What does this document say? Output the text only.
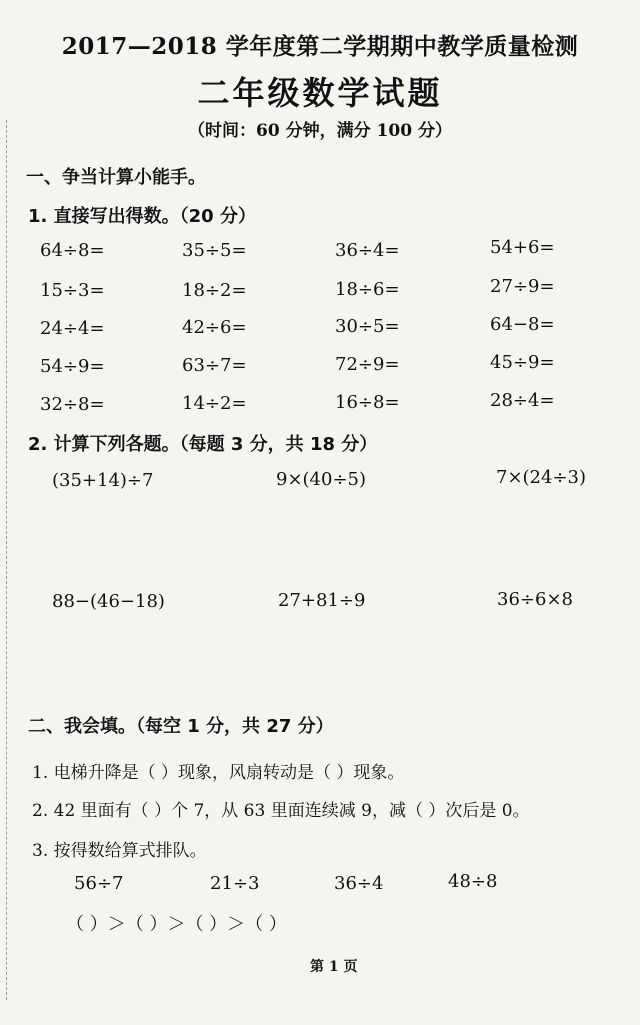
2017—2018 学年度第二学期期中教学质量检测
二年级数学试题
（时间：60 分钟，满分 100 分）
一、争当计算小能手。
1. 直接写出得数。（20 分）
64÷8=	35÷5=	36÷4=	54+6=
15÷3=	18÷2=	18÷6=	27÷9=
24÷4=	42÷6=	30÷5=	64−8=
54÷9=	63÷7=	72÷9=	45÷9=
32÷8=	14÷2=	16÷8=	28÷4=
2. 计算下列各题。（每题 3 分，共 18 分）
(35+14)÷7	9×(40÷5)	7×(24÷3)
88−(46−18)	27+81÷9	36÷6×8
二、我会填。（每空 1 分，共 27 分）
1. 电梯升降是（ ）现象，风扇转动是（ ）现象。
2. 42 里面有（ ）个 7，从 63 里面连续减 9，减（ ）次后是 0。
3. 按得数给算式排队。
56÷7	21÷3	36÷4	48÷8
（ ）＞（ ）＞（ ）＞（ ）
第 1 页
